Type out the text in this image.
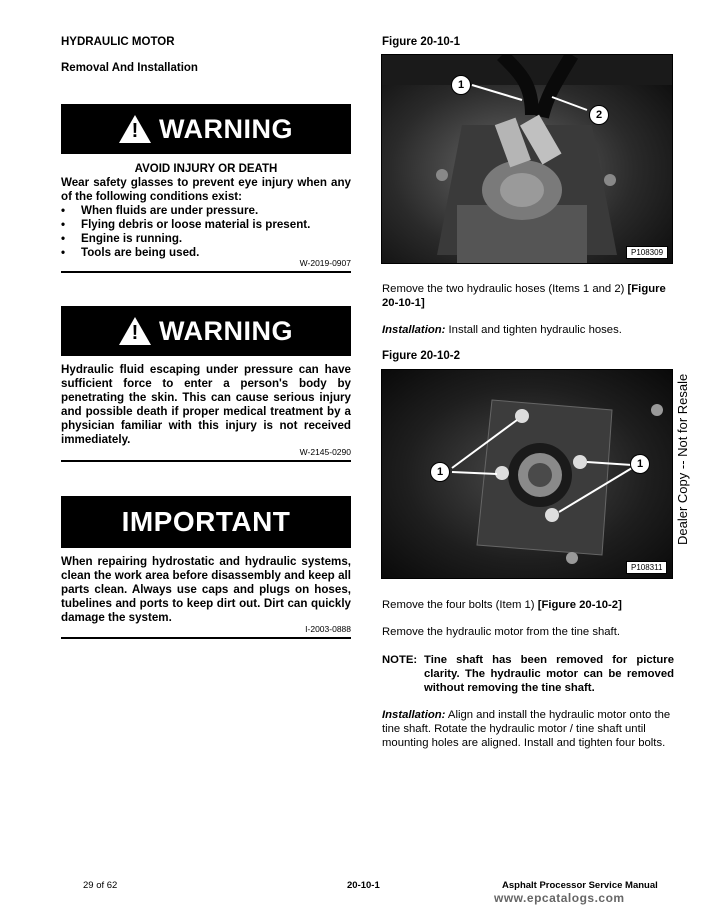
HYDRAULIC MOTOR
Removal And Installation
! WARNING
AVOID INJURY OR DEATH
Wear safety glasses to prevent eye injury when any of the following conditions exist:
•	When fluids are under pressure.
•	Flying debris or loose material is present.
•	Engine is running.
•	Tools are being used.
W-2019-0907
! WARNING
Hydraulic fluid escaping under pressure can have sufficient force to enter a person's body by penetrating the skin. This can cause serious injury and possible death if proper medical treatment by a physician familiar with this injury is not received immediately.
W-2145-0290
IMPORTANT
When repairing hydrostatic and hydraulic systems, clean the work area before disassembly and keep all parts clean. Always use caps and plugs on hoses, tubelines and ports to keep dirt out. Dirt can quickly damage the system.
I-2003-0888
Figure 20-10-1
1
2
P108309
Remove the two hydraulic hoses (Items 1 and 2) [Figure 20-10-1]
Installation: Install and tighten hydraulic hoses.
Figure 20-10-2
1
1
P108311
Remove the four bolts (Item 1) [Figure 20-10-2]
Remove the hydraulic motor from the tine shaft.
NOTE: Tine shaft has been removed for picture clarity. The hydraulic motor can be removed without removing the tine shaft.
Installation: Align and install the hydraulic motor onto the tine shaft. Rotate the hydraulic motor / tine shaft until mounting holes are aligned. Install and tighten four bolts.
Dealer Copy -- Not for Resale
29 of 62	20-10-1	Asphalt Processor Service Manual
www.epcatalogs.com
